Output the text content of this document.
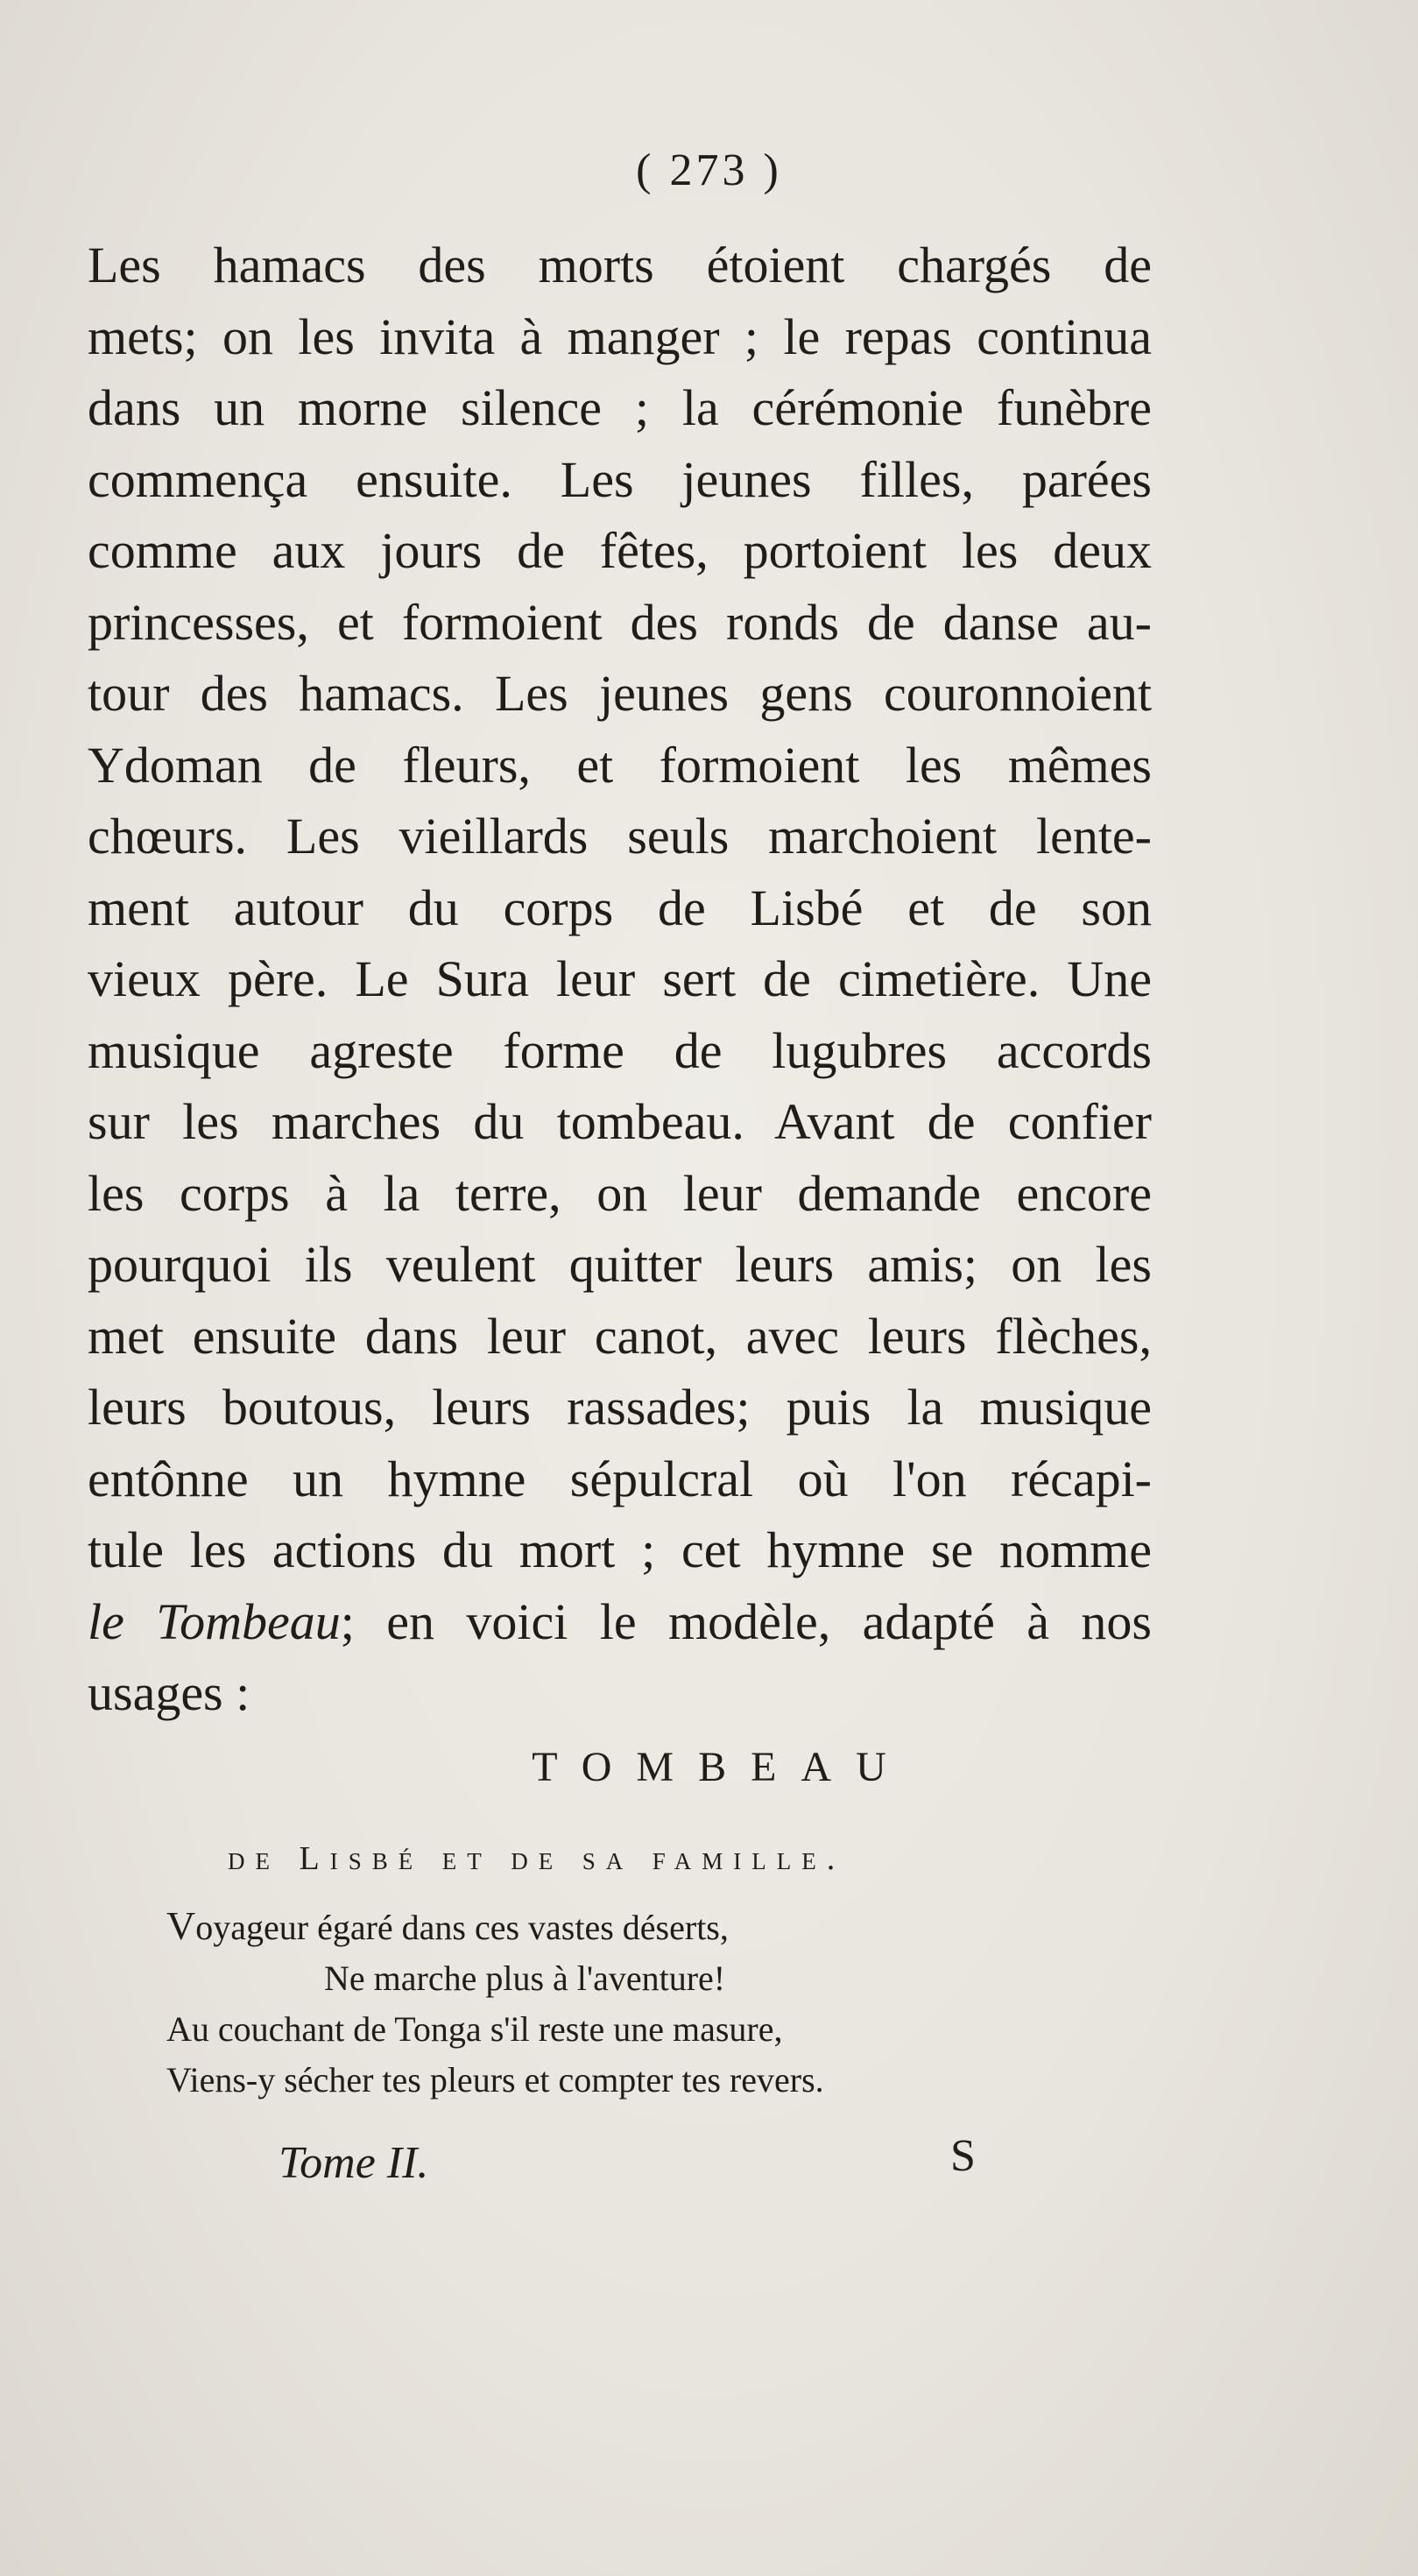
( 273 )
Les hamacs des morts étoient chargés de
mets; on les invita à manger ; le repas continua
dans un morne silence ; la cérémonie funèbre
commença ensuite. Les jeunes filles, parées
comme aux jours de fêtes, portoient les deux
princesses, et formoient des ronds de danse au-
tour des hamacs. Les jeunes gens couronnoient
Ydoman de fleurs, et formoient les mêmes
chœurs. Les vieillards seuls marchoient lente-
ment autour du corps de Lisbé et de son
vieux père. Le Sura leur sert de cimetière. Une
musique agreste forme de lugubres accords
sur les marches du tombeau. Avant de confier
les corps à la terre, on leur demande encore
pourquoi ils veulent quitter leurs amis; on les
met ensuite dans leur canot, avec leurs flèches,
leurs boutous, leurs rassades; puis la musique
entônne un hymne sépulcral où l'on récapi-
tule les actions du mort ; cet hymne se nomme
le Tombeau; en voici le modèle, adapté à nos
usages :
TOMBEAU
de Lisbé et de sa famille.
Voyageur égaré dans ces vastes déserts,
Ne marche plus à l'aventure!
Au couchant de Tonga s'il reste une masure,
Viens-y sécher tes pleurs et compter tes revers.
Tome II.	S
